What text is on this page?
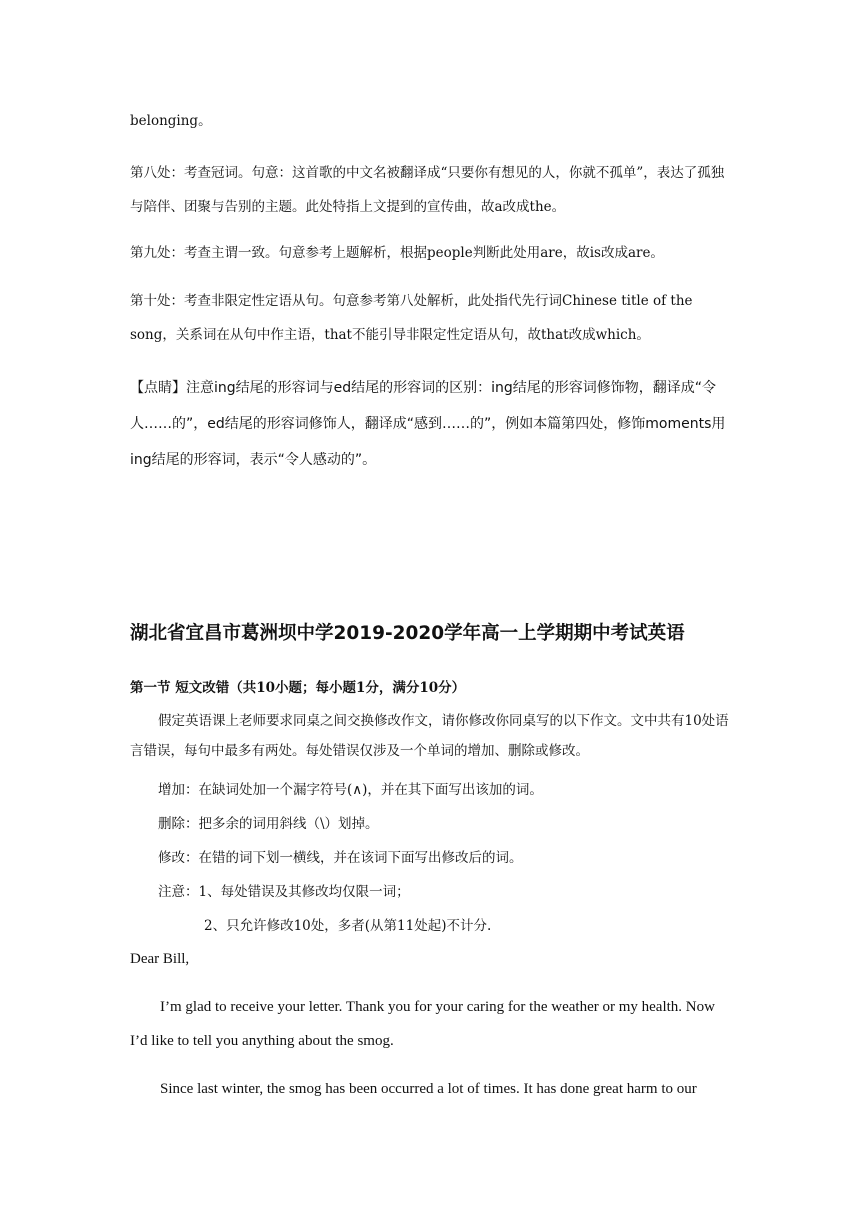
belonging。

第八处：考查冠词。句意：这首歌的中文名被翻译成“只要你有想见的人，你就不孤单”，表达了孤独与陪伴、团聚与告别的主题。此处特指上文提到的宣传曲，故a改成the。

第九处：考查主谓一致。句意参考上题解析，根据people判断此处用are，故is改成are。

第十处：考查非限定性定语从句。句意参考第八处解析，此处指代先行词Chinese title of the song，关系词在从句中作主语，that不能引导非限定性定语从句，故that改成which。

【点睛】注意ing结尾的形容词与ed结尾的形容词的区别：ing结尾的形容词修饰物，翻译成“令人……的”，ed结尾的形容词修饰人，翻译成“感到……的”，例如本篇第四处，修饰moments用ing结尾的形容词，表示“令人感动的”。

湖北省宜昌市葛洲坝中学2019-2020学年高一上学期期中考试英语

第一节 短文改错（共10小题；每小题1分，满分10分）

假定英语课上老师要求同桌之间交换修改作文，请你修改你同桌写的以下作文。文中共有10处语言错误，每句中最多有两处。每处错误仅涉及一个单词的增加、删除或修改。

增加：在缺词处加一个漏字符号(∧)，并在其下面写出该加的词。

删除：把多余的词用斜线（\）划掉。

修改：在错的词下划一横线，并在该词下面写出修改后的词。

注意：1、每处错误及其修改均仅限一词；

2、只允许修改10处，多者(从第11处起)不计分.

Dear Bill,

I’m glad to receive your letter. Thank you for your caring for the weather or my health. Now I’d like to tell you anything about the smog.

Since last winter, the smog has been occurred a lot of times. It has done great harm to our
